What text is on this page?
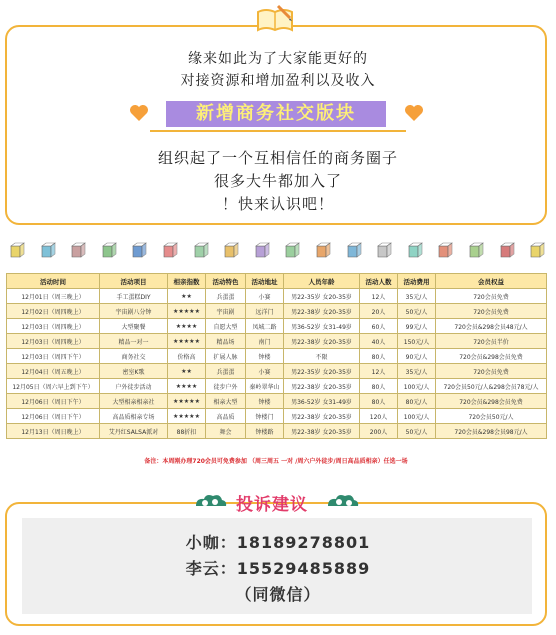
缘来如此为了大家能更好的
对接资源和增加盈利以及收入
新增商务社交版块
组织起了一个互相信任的商务圈子
很多大牛都加入了
！快来认识吧！
活动时间	活动项目	相亲指数	活动特色	活动地址	人员年龄	活动人数	活动费用	会员权益
12月01日（周三晚上）	手工蛋糕DIY	★★	兵蛋蛋	小赛	男22-35岁 女20-35岁	12人	35元/人	720会员免费
12月02日（周四晚上）	宇宙剧八分钟	★★★★★	宇宙剧	远洋门	男22-38岁 女20-35岁	20人	50元/人	720会员免费
12月03日（周四晚上）	大型聚餐	★★★★	自愿大型	凤城二路	男36-52岁 女31-49岁	60人	99元/人	720会员&298会员48元/人
12月03日（周四晚上）	精品一对一	★★★★★	精品场	南门	男22-38岁 女20-35岁	40人	150元/人	720会员半价
12月03日（周四下午）	商务社交	价格高	扩展人脉	钟楼	不限	80人	90元/人	720会员&298会员免费
12月04日（周五晚上）	密室K歌	★★	兵蛋蛋	小赛	男22-35岁 女20-35岁	12人	35元/人	720会员免费
12月05日（周六早上到下午）	户外徒步活动	★★★★	徒步户外	秦岭翠华山	男22-38岁 女20-35岁	80人	100元/人	720会员50元/人&298会员78元/人
12月06日（周日下午）	大型相亲相亲社	★★★★★	相亲大型	钟楼	男36-52岁 女31-49岁	80人	80元/人	720会员&298会员免费
12月06日（周日下午）	高品质相亲专场	★★★★★	高品质	钟楼门	男22-38岁 女20-35岁	120人	100元/人	720会员50元/人
12月13日（周日晚上）	艾丹红SALSA派对	88折扣	舞会	钟楼路	男22-38岁 女20-35岁	200人	50元/人	720会员&298会员98元/人
备注：本周刚办理720会员可免费参加 （周三周五 一对 /周六户外徒步/周日高品质相亲）任选一场
投诉建议
小咖：18189278801
李云：15529485889
（同微信）
